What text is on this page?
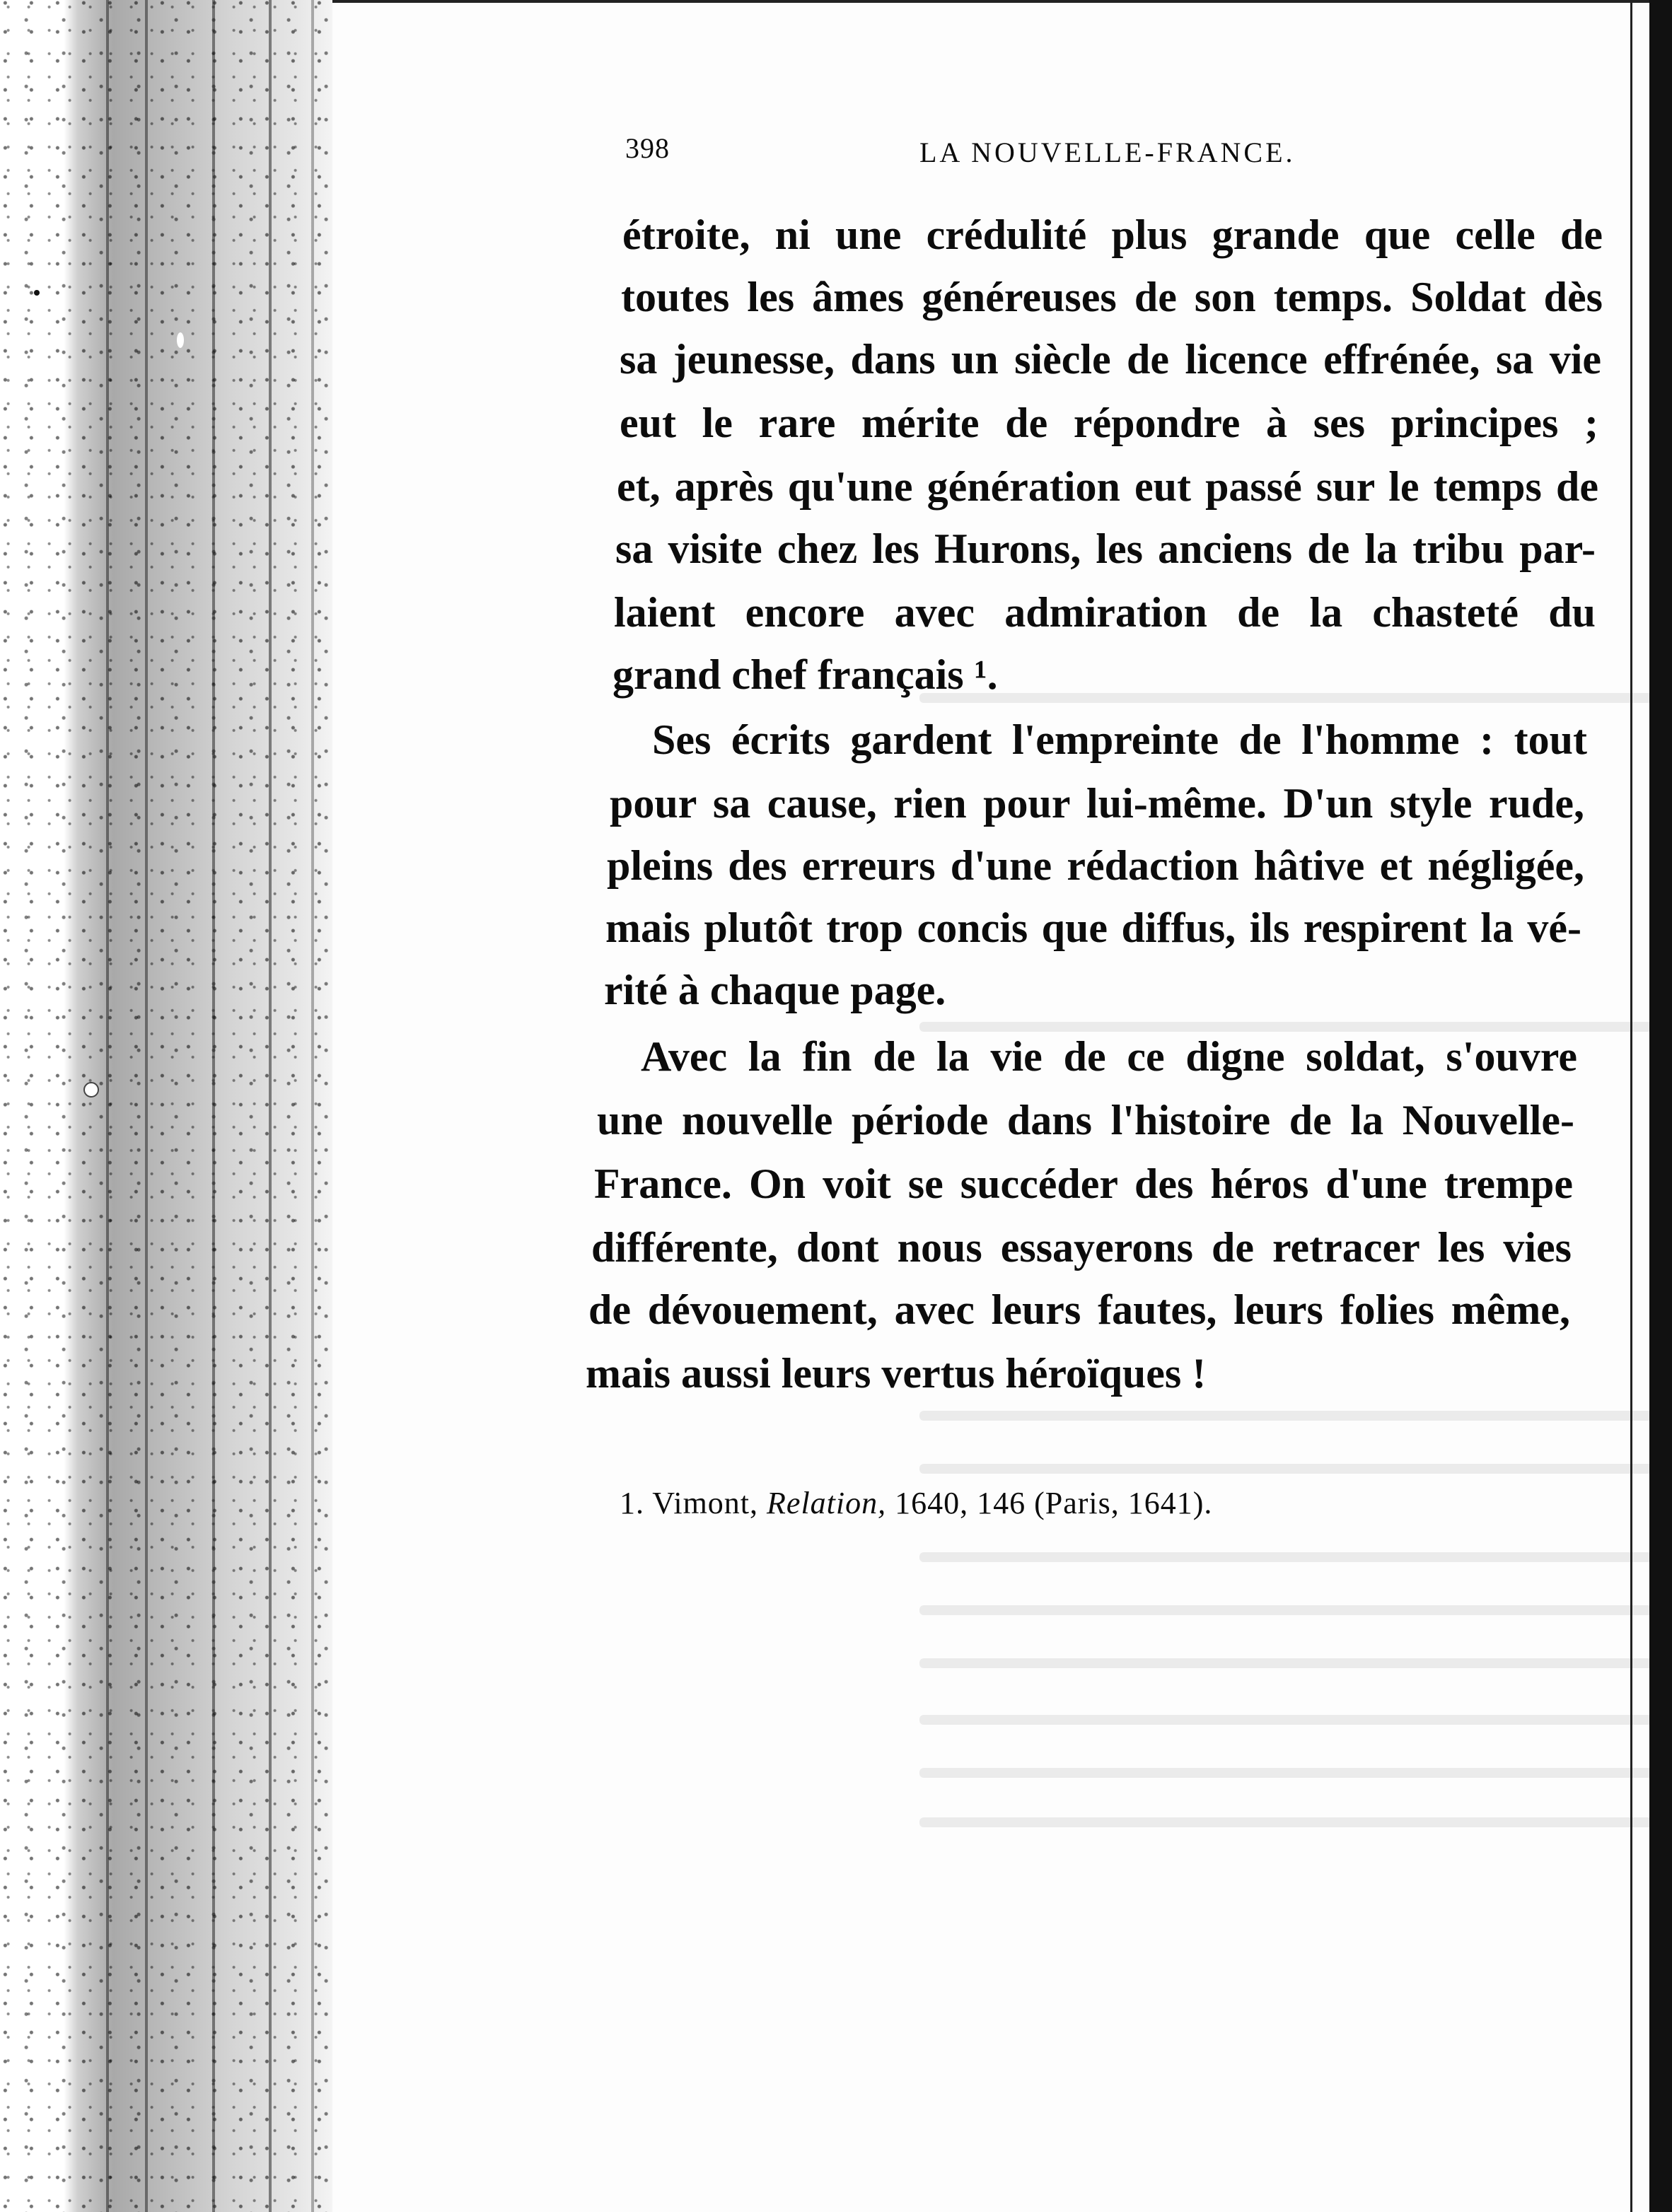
398	LA NOUVELLE-FRANCE.
étroite, ni une crédulité plus grande que celle de
toutes les âmes généreuses de son temps. Soldat dès
sa jeunesse, dans un siècle de licence effrénée, sa vie
eut le rare mérite de répondre à ses principes ;
et, après qu'une génération eut passé sur le temps de
sa visite chez les Hurons, les anciens de la tribu par-
laient encore avec admiration de la chasteté du
grand chef français ¹.
Ses écrits gardent l'empreinte de l'homme : tout
pour sa cause, rien pour lui-même. D'un style rude,
pleins des erreurs d'une rédaction hâtive et négligée,
mais plutôt trop concis que diffus, ils respirent la vé-
rité à chaque page.
Avec la fin de la vie de ce digne soldat, s'ouvre
une nouvelle période dans l'histoire de la Nouvelle-
France. On voit se succéder des héros d'une trempe
différente, dont nous essayerons de retracer les vies
de dévouement, avec leurs fautes, leurs folies même,
mais aussi leurs vertus héroïques !
1. Vimont, Relation, 1640, 146 (Paris, 1641).
